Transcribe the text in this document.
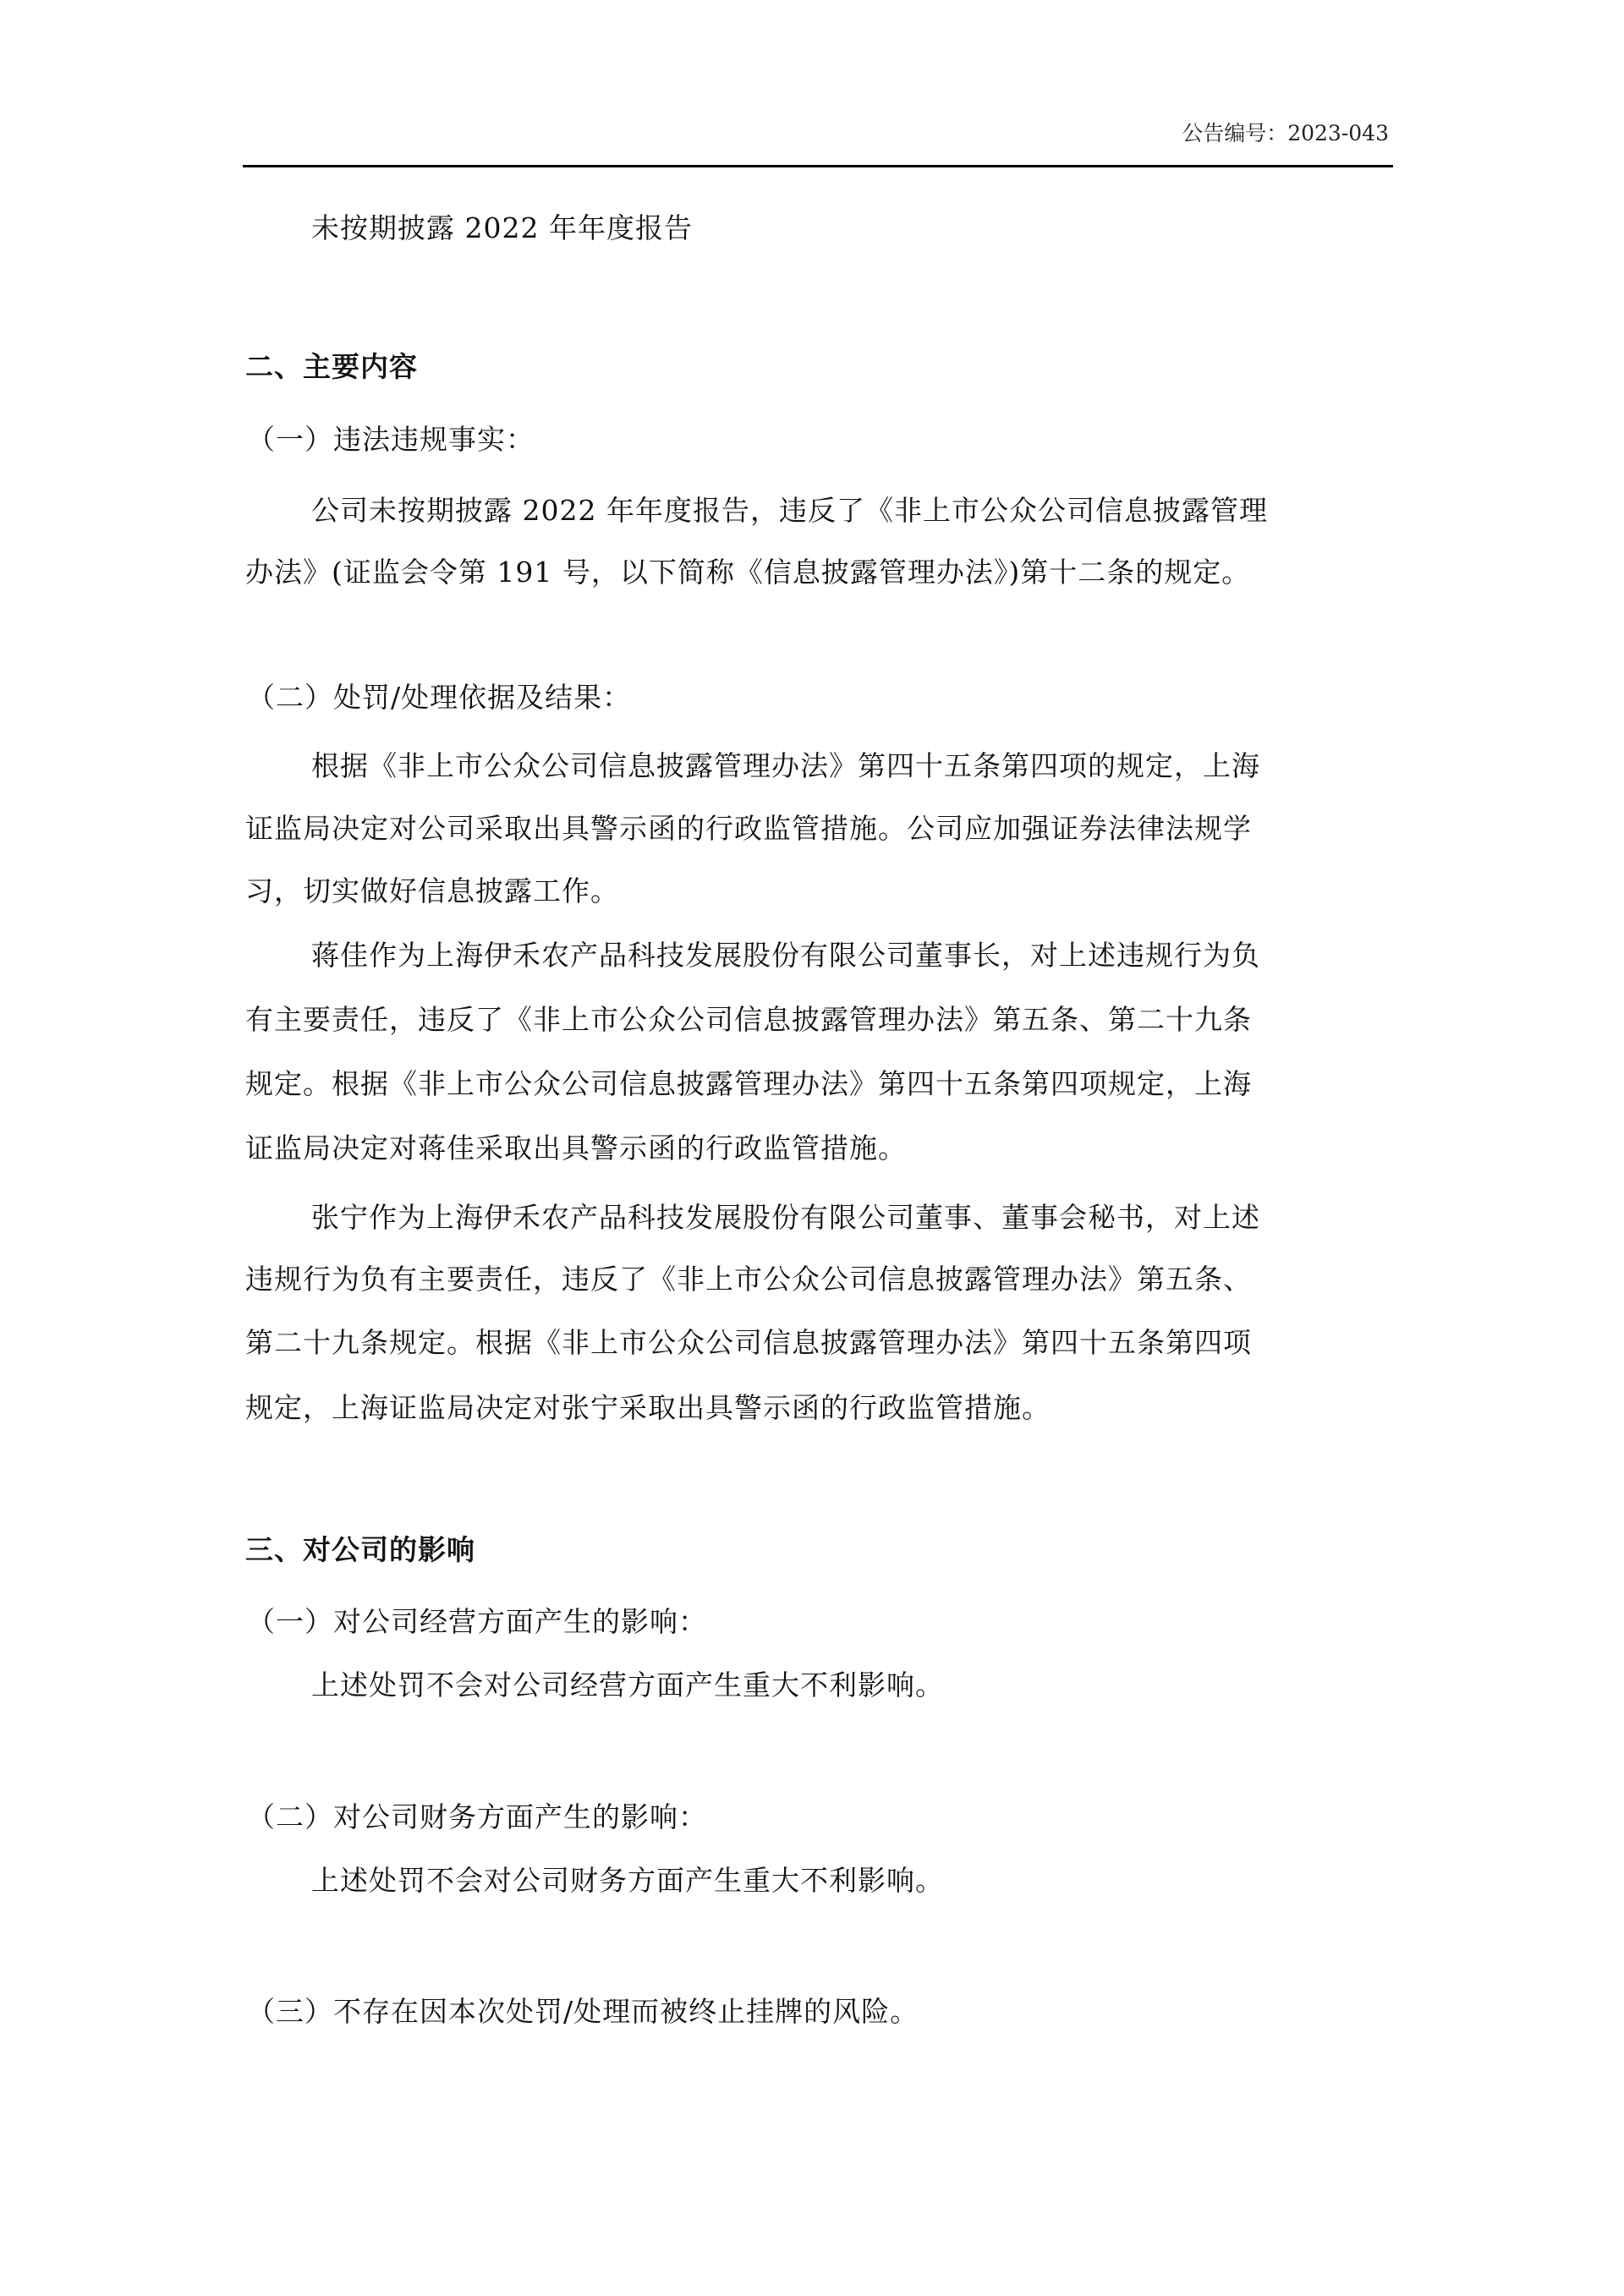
公告编号：2023-043
未按期披露 2022 年年度报告
二、主要内容
（一）违法违规事实：
公司未按期披露 2022 年年度报告，违反了《非上市公众公司信息披露管理
办法》(证监会令第 191 号，以下简称《信息披露管理办法》)第十二条的规定。
（二）处罚/处理依据及结果：
根据《非上市公众公司信息披露管理办法》第四十五条第四项的规定，上海
证监局决定对公司采取出具警示函的行政监管措施。公司应加强证券法律法规学
习，切实做好信息披露工作。
蒋佳作为上海伊禾农产品科技发展股份有限公司董事长，对上述违规行为负
有主要责任，违反了《非上市公众公司信息披露管理办法》第五条、第二十九条
规定。根据《非上市公众公司信息披露管理办法》第四十五条第四项规定，上海
证监局决定对蒋佳采取出具警示函的行政监管措施。
张宁作为上海伊禾农产品科技发展股份有限公司董事、董事会秘书，对上述
违规行为负有主要责任，违反了《非上市公众公司信息披露管理办法》第五条、
第二十九条规定。根据《非上市公众公司信息披露管理办法》第四十五条第四项
规定，上海证监局决定对张宁采取出具警示函的行政监管措施。
三、对公司的影响
（一）对公司经营方面产生的影响：
上述处罚不会对公司经营方面产生重大不利影响。
（二）对公司财务方面产生的影响：
上述处罚不会对公司财务方面产生重大不利影响。
（三）不存在因本次处罚/处理而被终止挂牌的风险。
